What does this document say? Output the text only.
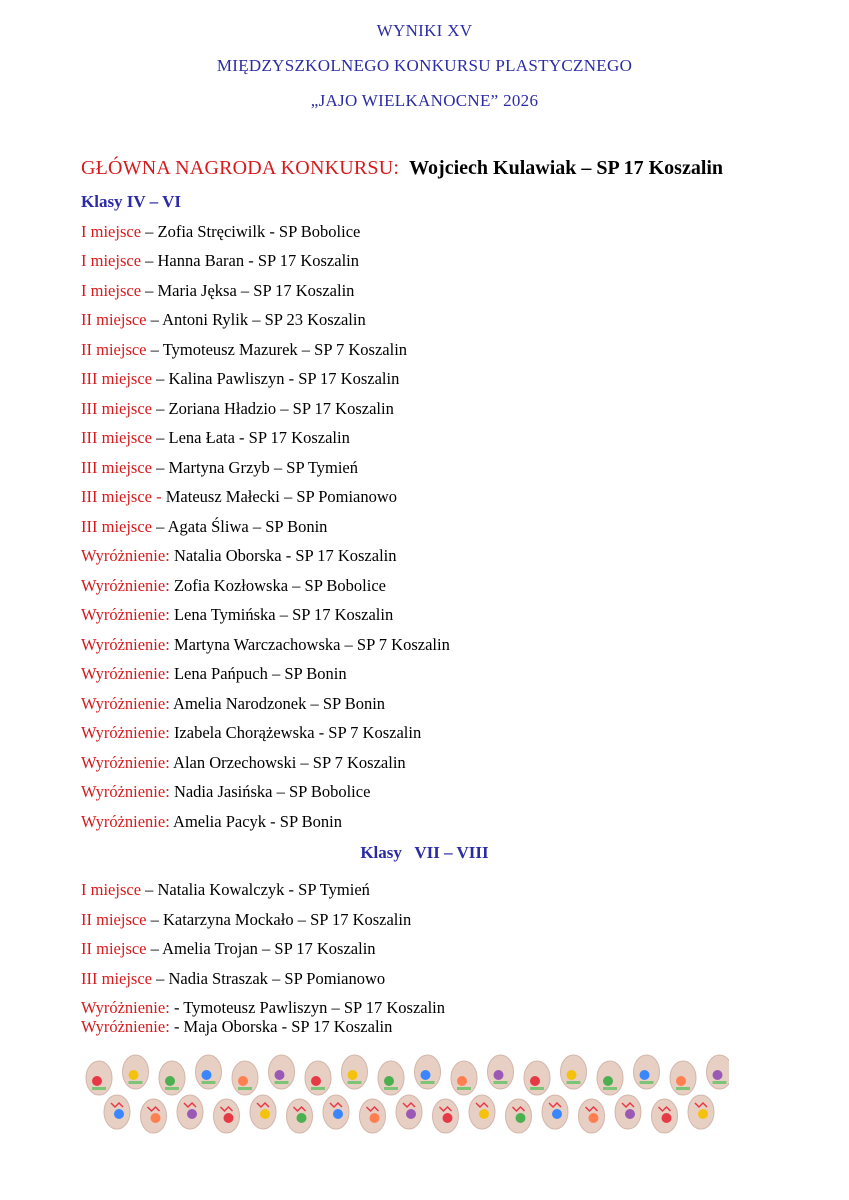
WYNIKI XV
MIĘDZYSZKOLNEGO KONKURSU PLASTYCZNEGO
„JAJO WIELKANOCNE” 2026
GŁÓWNA NAGRODA KONKURSU: Wojciech Kulawiak – SP 17 Koszalin
Klasy IV – VI
I miejsce – Zofia Stręciwilk - SP Bobolice
I miejsce – Hanna Baran - SP 17 Koszalin
I miejsce – Maria Jęksa – SP 17 Koszalin
II miejsce – Antoni Rylik – SP 23 Koszalin
II miejsce – Tymoteusz Mazurek – SP 7 Koszalin
III miejsce – Kalina Pawliszyn - SP 17 Koszalin
III miejsce – Zoriana Hładzio – SP 17 Koszalin
III miejsce – Lena Łata - SP 17 Koszalin
III miejsce – Martyna Grzyb – SP Tymień
III miejsce - Mateusz Małecki – SP Pomianowo
III miejsce – Agata Śliwa – SP Bonin
Wyróżnienie: Natalia Oborska - SP 17 Koszalin
Wyróżnienie: Zofia Kozłowska – SP Bobolice
Wyróżnienie: Lena Tymińska – SP 17 Koszalin
Wyróżnienie: Martyna Warczachowska – SP 7 Koszalin
Wyróżnienie: Lena Pańpuch – SP Bonin
Wyróżnienie: Amelia Narodzonek – SP Bonin
Wyróżnienie: Izabela Chorążewska - SP 7 Koszalin
Wyróżnienie: Alan Orzechowski – SP 7 Koszalin
Wyróżnienie: Nadia Jasińska – SP Bobolice
Wyróżnienie: Amelia Pacyk - SP Bonin
Klasy   VII – VIII
I miejsce – Natalia Kowalczyk - SP Tymień
II miejsce – Katarzyna Mockało – SP 17 Koszalin
II miejsce – Amelia Trojan – SP 17 Koszalin
III miejsce – Nadia Straszak – SP Pomianowo
Wyróżnienie: - Tymoteusz Pawliszyn – SP 17 Koszalin
Wyróżnienie: - Maja Oborska - SP 17 Koszalin
